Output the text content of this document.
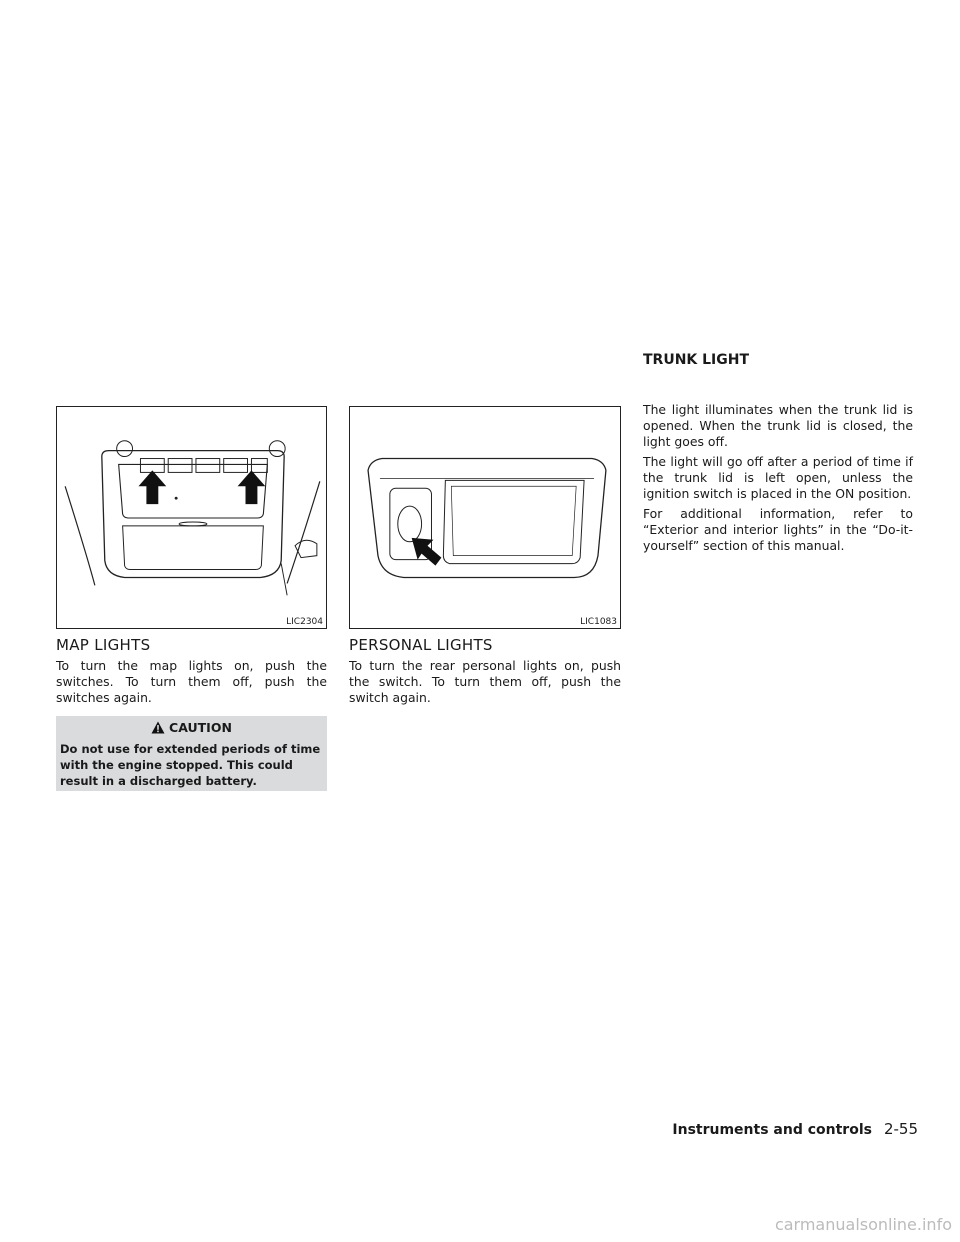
LIC2304	LIC1083
MAP LIGHTS

To turn the map lights on, push the switches. To turn them off, push the switches again.

CAUTION

Do not use for extended periods of time with the engine stopped. This could result in a discharged battery.

PERSONAL LIGHTS

To turn the rear personal lights on, push the switch. To turn them off, push the switch again.

TRUNK LIGHT

The light illuminates when the trunk lid is opened. When the trunk lid is closed, the light goes off.

The light will go off after a period of time if the trunk lid is left open, unless the ignition switch is placed in the ON position.

For additional information, refer to “Exterior and interior lights” in the “Do-it-yourself” section of this manual.

Instruments and controls 2-55
carmanualsonline.info
